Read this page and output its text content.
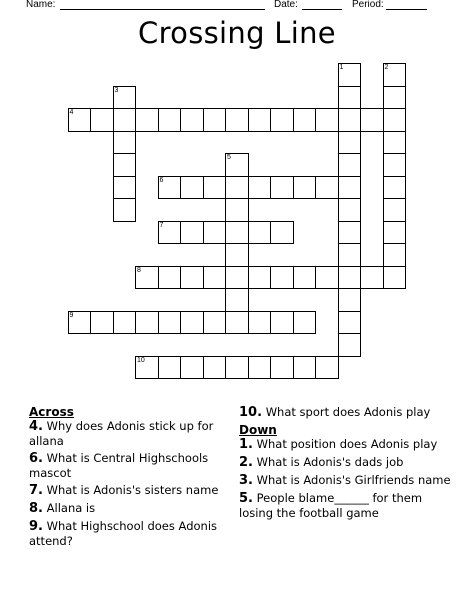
Name:	Date:	Period:
Crossing Line
1	2
3
4
5
6
7
8
9
10
Across
4. Why does Adonis stick up for allana
6. What is Central Highschools mascot
7. What is Adonis's sisters name
8. Allana is
9. What Highschool does Adonis attend?
10. What sport does Adonis play
Down
1. What position does Adonis play
2. What is Adonis's dads job
3. What is Adonis's Girlfriends name
5. People blame______ for them losing the football game
